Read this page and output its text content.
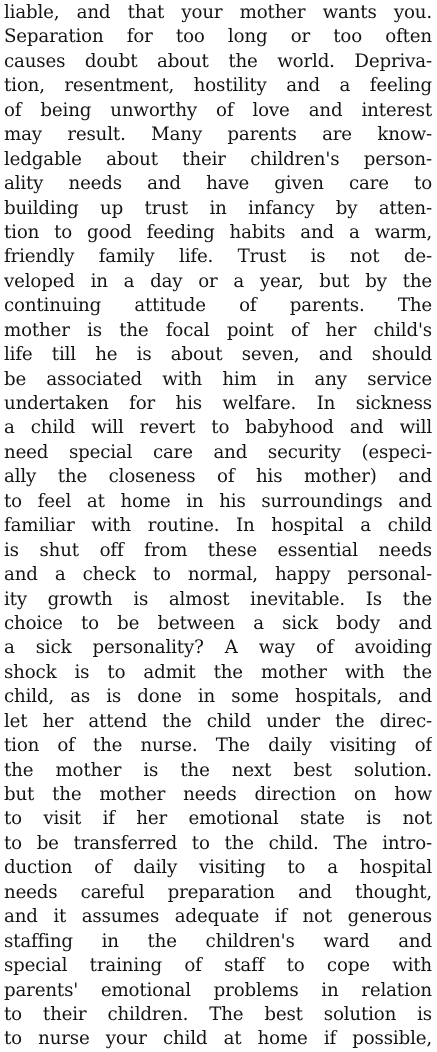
liable, and that your mother wants you.
Separation for too long or too often
causes doubt about the world. Depriva-
tion, resentment, hostility and a feeling
of being unworthy of love and interest
may result. Many parents are know-
ledgable about their children's person-
ality needs and have given care to
building up trust in infancy by atten-
tion to good feeding habits and a warm,
friendly family life. Trust is not de-
veloped in a day or a year, but by the
continuing attitude of parents. The
mother is the focal point of her child's
life till he is about seven, and should
be associated with him in any service
undertaken for his welfare. In sickness
a child will revert to babyhood and will
need special care and security (especi-
ally the closeness of his mother) and
to feel at home in his surroundings and
familiar with routine. In hospital a child
is shut off from these essential needs
and a check to normal, happy personal-
ity growth is almost inevitable. Is the
choice to be between a sick body and
a sick personality? A way of avoiding
shock is to admit the mother with the
child, as is done in some hospitals, and
let her attend the child under the direc-
tion of the nurse. The daily visiting of
the mother is the next best solution.
but the mother needs direction on how
to visit if her emotional state is not
to be transferred to the child. The intro-
duction of daily visiting to a hospital
needs careful preparation and thought,
and it assumes adequate if not generous
staffing in the children's ward and
special training of staff to cope with
parents' emotional problems in relation
to their children. The best solution is
to nurse your child at home if possible,
